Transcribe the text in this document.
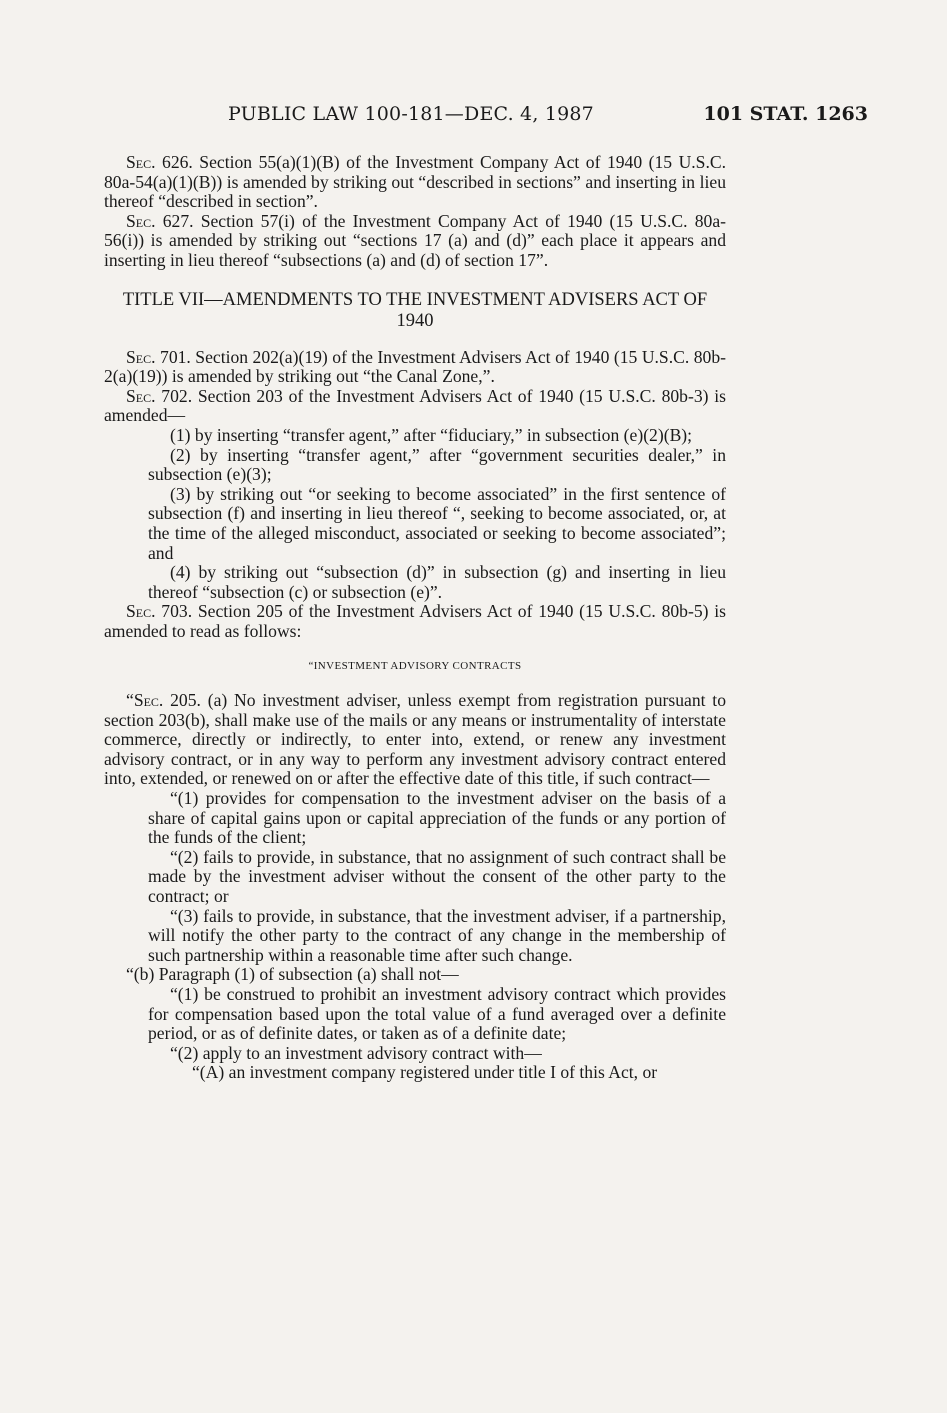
PUBLIC LAW 100-181—DEC. 4, 1987	101 STAT. 1263

Sec. 626. Section 55(a)(1)(B) of the Investment Company Act of 1940 (15 U.S.C. 80a-54(a)(1)(B)) is amended by striking out “described in sections” and inserting in lieu thereof “described in section”.

Sec. 627. Section 57(i) of the Investment Company Act of 1940 (15 U.S.C. 80a-56(i)) is amended by striking out “sections 17 (a) and (d)” each place it appears and inserting in lieu thereof “subsections (a) and (d) of section 17”.

TITLE VII—AMENDMENTS TO THE INVESTMENT ADVISERS ACT OF 1940

Sec. 701. Section 202(a)(19) of the Investment Advisers Act of 1940 (15 U.S.C. 80b-2(a)(19)) is amended by striking out “the Canal Zone,”.

Sec. 702. Section 203 of the Investment Advisers Act of 1940 (15 U.S.C. 80b-3) is amended—

(1) by inserting “transfer agent,” after “fiduciary,” in subsection (e)(2)(B);

(2) by inserting “transfer agent,” after “government securities dealer,” in subsection (e)(3);

(3) by striking out “or seeking to become associated” in the first sentence of subsection (f) and inserting in lieu thereof “, seeking to become associated, or, at the time of the alleged misconduct, associated or seeking to become associated”; and

(4) by striking out “subsection (d)” in subsection (g) and inserting in lieu thereof “subsection (c) or subsection (e)”.

Sec. 703. Section 205 of the Investment Advisers Act of 1940 (15 U.S.C. 80b-5) is amended to read as follows:

“INVESTMENT ADVISORY CONTRACTS

“Sec. 205. (a) No investment adviser, unless exempt from registration pursuant to section 203(b), shall make use of the mails or any means or instrumentality of interstate commerce, directly or indirectly, to enter into, extend, or renew any investment advisory contract, or in any way to perform any investment advisory contract entered into, extended, or renewed on or after the effective date of this title, if such contract—

“(1) provides for compensation to the investment adviser on the basis of a share of capital gains upon or capital appreciation of the funds or any portion of the funds of the client;

“(2) fails to provide, in substance, that no assignment of such contract shall be made by the investment adviser without the consent of the other party to the contract; or

“(3) fails to provide, in substance, that the investment adviser, if a partnership, will notify the other party to the contract of any change in the membership of such partnership within a reasonable time after such change.

“(b) Paragraph (1) of subsection (a) shall not—

“(1) be construed to prohibit an investment advisory contract which provides for compensation based upon the total value of a fund averaged over a definite period, or as of definite dates, or taken as of a definite date;

“(2) apply to an investment advisory contract with—

“(A) an investment company registered under title I of this Act, or
